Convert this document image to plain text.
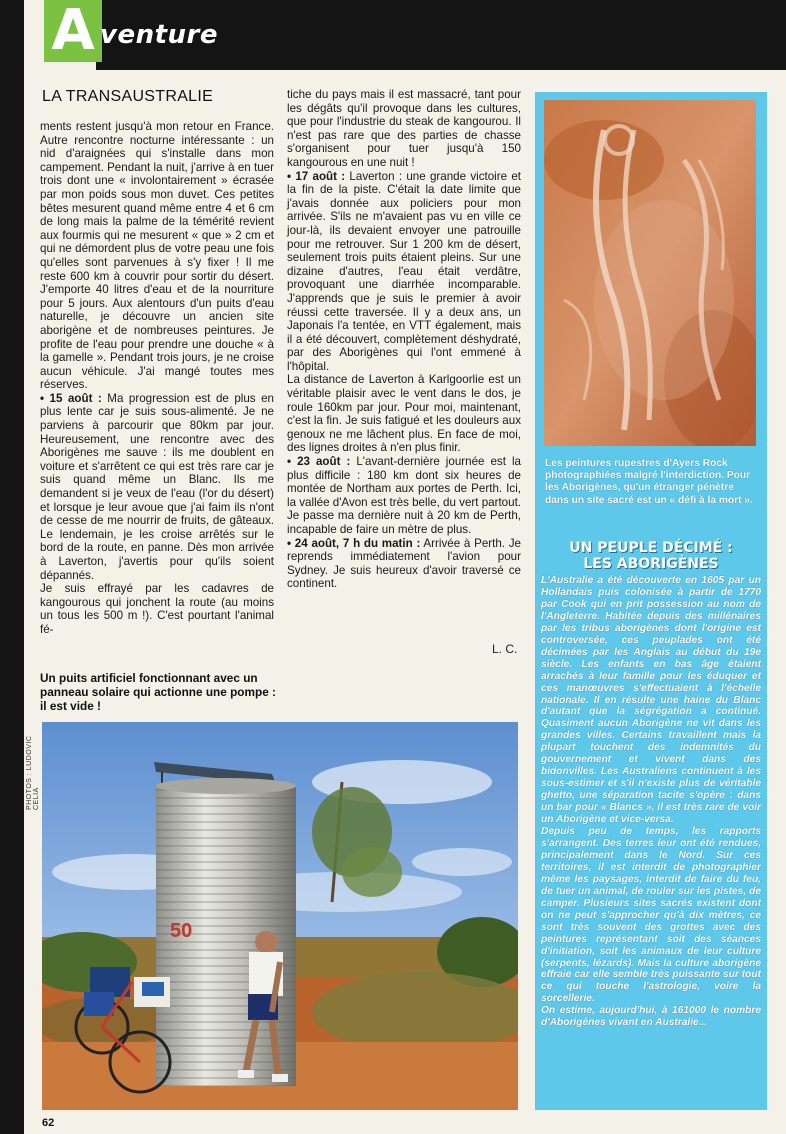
A venture
LA TRANSAUSTRALIE

ments restent jusqu'à mon retour en France. Autre rencontre nocturne intéressante : un nid d'araignées qui s'installe dans mon campement. Pendant la nuit, j'arrive à en tuer trois dont une « involontairement » écrasée par mon poids sous mon duvet. Ces petites bêtes mesurent quand même entre 4 et 6 cm de long mais la palme de la témérité revient aux fourmis qui ne mesurent « que » 2 cm et qui ne démordent plus de votre peau une fois qu'elles sont parvenues à s'y fixer ! Il me reste 600 km à couvrir pour sortir du désert. J'emporte 40 litres d'eau et de la nourriture pour 5 jours. Aux alentours d'un puits d'eau naturelle, je découvre un ancien site aborigène et de nombreuses peintures. Je profite de l'eau pour prendre une douche « à la gamelle ». Pendant trois jours, je ne croise aucun véhicule. J'ai mangé toutes mes réserves.

• 15 août : Ma progression est de plus en plus lente car je suis sous-alimenté. Je ne parviens à parcourir que 80km par jour. Heureusement, une rencontre avec des Aborigènes me sauve : ils me doublent en voiture et s'arrêtent ce qui est très rare car je suis quand même un Blanc. Ils me demandent si je veux de l'eau (l'or du désert) et lorsque je leur avoue que j'ai faim ils n'ont de cesse de me nourrir de fruits, de gâteaux. Le lendemain, je les croise arrêtés sur le bord de la route, en panne. Dès mon arrivée à Laverton, j'avertis pour qu'ils soient dépannés.

Je suis effrayé par les cadavres de kangourous qui jonchent la route (au moins un tous les 500 m !). C'est pourtant l'animal fé-

tiche du pays mais il est massacré, tant pour les dégâts qu'il provoque dans les cultures, que pour l'industrie du steak de kangourou. Il n'est pas rare que des parties de chasse s'organisent pour tuer jusqu'à 150 kangourous en une nuit !

• 17 août : Laverton : une grande victoire et la fin de la piste. C'était la date limite que j'avais donnée aux policiers pour mon arrivée. S'ils ne m'avaient pas vu en ville ce jour-là, ils devaient envoyer une patrouille pour me retrouver. Sur 1 200 km de désert, seulement trois puits étaient pleins. Sur une dizaine d'autres, l'eau était verdâtre, provoquant une diarrhée incomparable. J'apprends que je suis le premier à avoir réussi cette traversée. Il y a deux ans, un Japonais l'a tentée, en VTT également, mais il a été découvert, complètement déshydraté, par des Aborigènes qui l'ont emmené à l'hôpital.

La distance de Laverton à Karlgoorlie est un véritable plaisir avec le vent dans le dos, je roule 160km par jour. Pour moi, maintenant, c'est la fin. Je suis fatigué et les douleurs aux genoux ne me lâchent plus. En face de moi, des lignes droites à n'en plus finir.

• 23 août : L'avant-dernière journée est la plus difficile : 180 km dont six heures de montée de Northam aux portes de Perth. Ici, la vallée d'Avon est très belle, du vert partout. Je passe ma dernière nuit à 20 km de Perth, incapable de faire un mètre de plus.

• 24 août, 7 h du matin : Arrivée à Perth. Je reprends immédiatement l'avion pour Sydney. Je suis heureux d'avoir traversé ce continent.

L. C.
Un puits artificiel fonctionnant avec un panneau solaire qui actionne une pompe : il est vide !
PHOTOS : LUDOVIC CELIA
50
Les peintures rupestres d'Ayers Rock photographiées malgré l'interdiction. Pour les Aborigènes, qu'un étranger pénètre dans un site sacré est un « défi à la mort ».
UN PEUPLE DÉCIMÉ :
LES ABORIGÈNES

L'Australie a été découverte en 1605 par un Hollandais puis colonisée à partir de 1770 par Cook qui en prit possession au nom de l'Angleterre. Habitée depuis des millénaires par les tribus aborigènes dont l'origine est controversée, ces peuplades ont été décimées par les Anglais au début du 19e siècle. Les enfants en bas âge étaient arrachés à leur famille pour les éduquer et ces manœuvres s'effectuaient à l'échelle nationale. Il en résulte une haine du Blanc d'autant que la ségrégation a continué. Quasiment aucun Aborigène ne vit dans les grandes villes. Certains travaillent mais la plupart touchent des indemnités du gouvernement et vivent dans des bidonvilles. Les Australiens continuent à les sous-estimer et s'il n'existe plus de véritable ghetto, une séparation tacite s'opère : dans un bar pour « Blancs », il est très rare de voir un Aborigène et vice-versa.

Depuis peu de temps, les rapports s'arrangent. Des terres leur ont été rendues, principalement dans le Nord. Sur ces territoires, il est interdit de photographier même les paysages, interdit de faire du feu, de tuer un animal, de rouler sur les pistes, de camper. Plusieurs sites sacrés existent dont on ne peut s'approcher qu'à dix mètres, ce sont très souvent des grottes avec des peintures représentant soit des séances d'initiation, soit les animaux de leur culture (serpents, lézards). Mais la culture aborigène effraie car elle semble très puissante sur tout ce qui touche l'astrologie, voire la sorcellerie.

On estime, aujourd'hui, à 161000 le nombre d'Aborigènes vivant en Australie...

62
